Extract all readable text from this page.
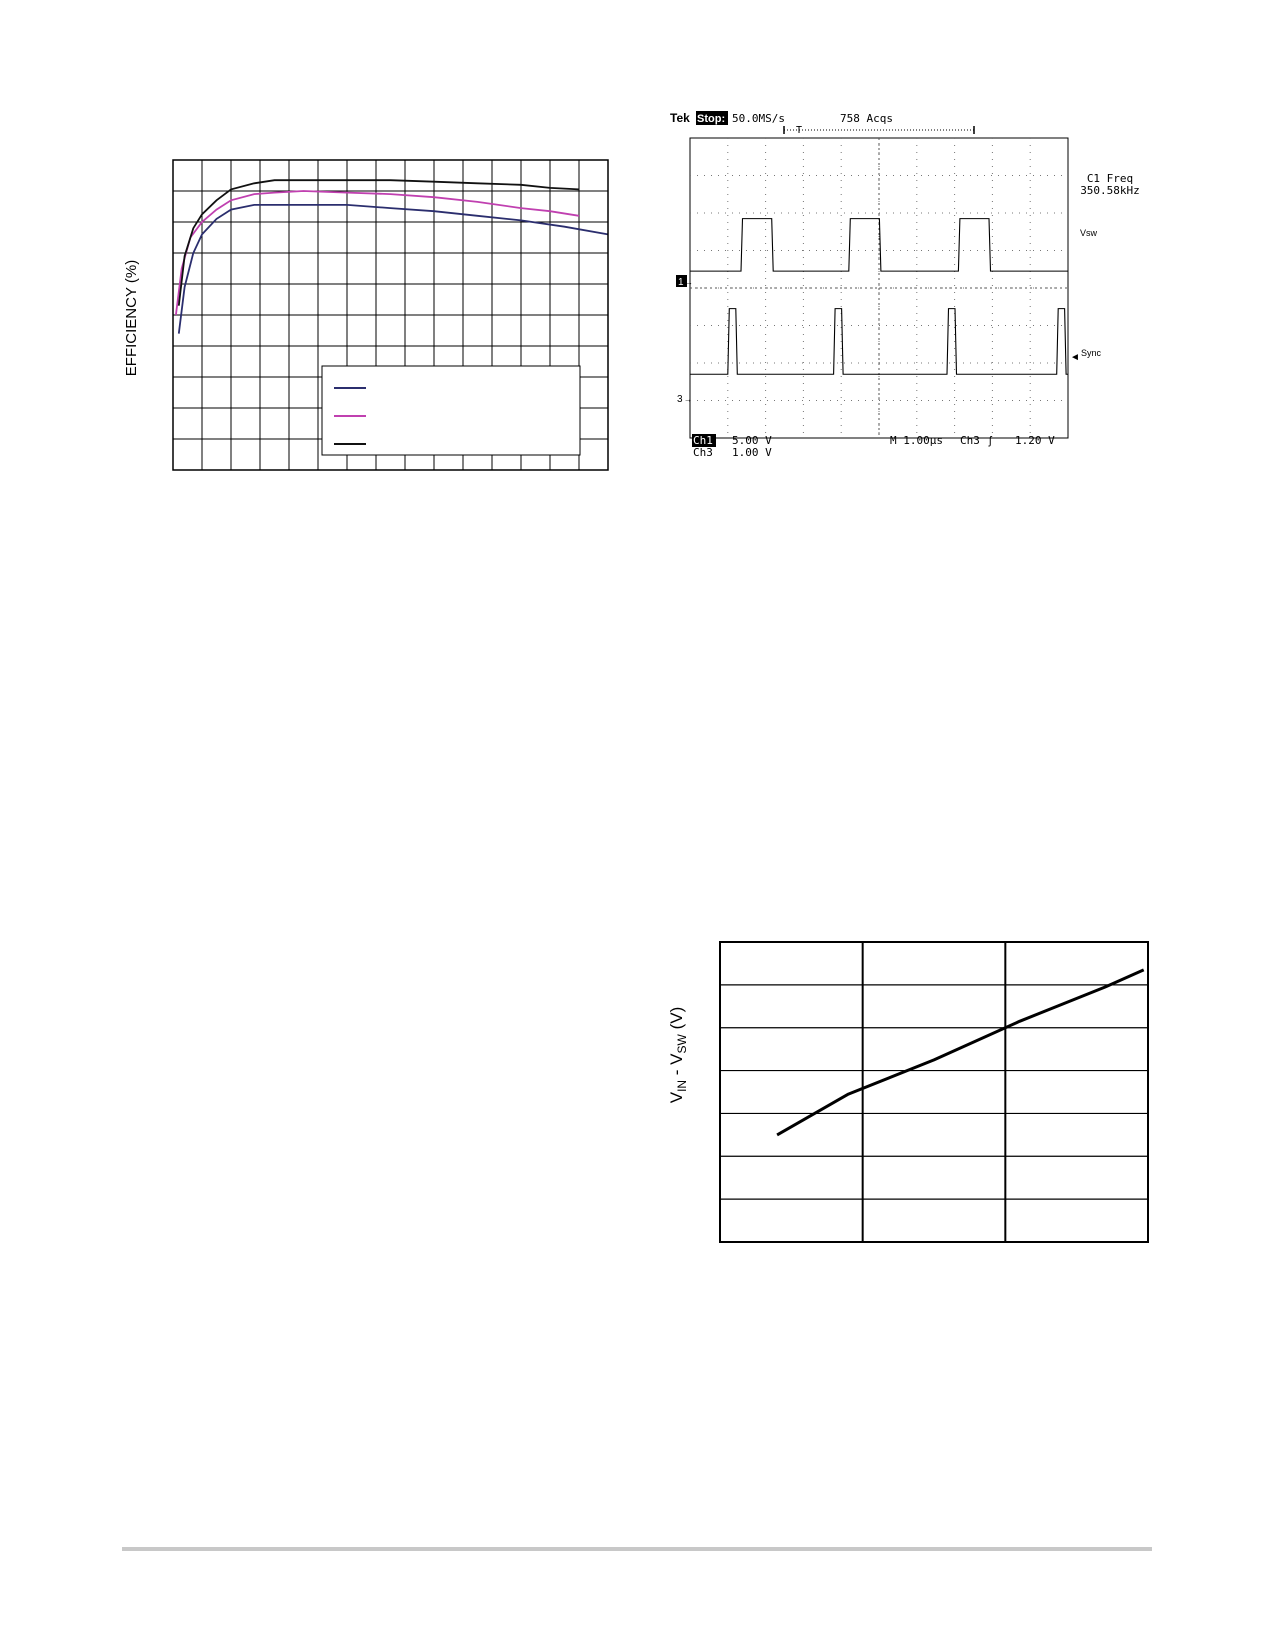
EFFICIENCY (%)
Tek Stop: 50.0MS/s	758 Acqs
T
C1 Freq
350.58kHz
Vsw
Sync
◄
1 →
3 →
Ch1 5.00 V
Ch3 1.00 V
M 1.00µs Ch3 ʃ 1.20 V
$V_{IN} - V_{SW}$ (V)
